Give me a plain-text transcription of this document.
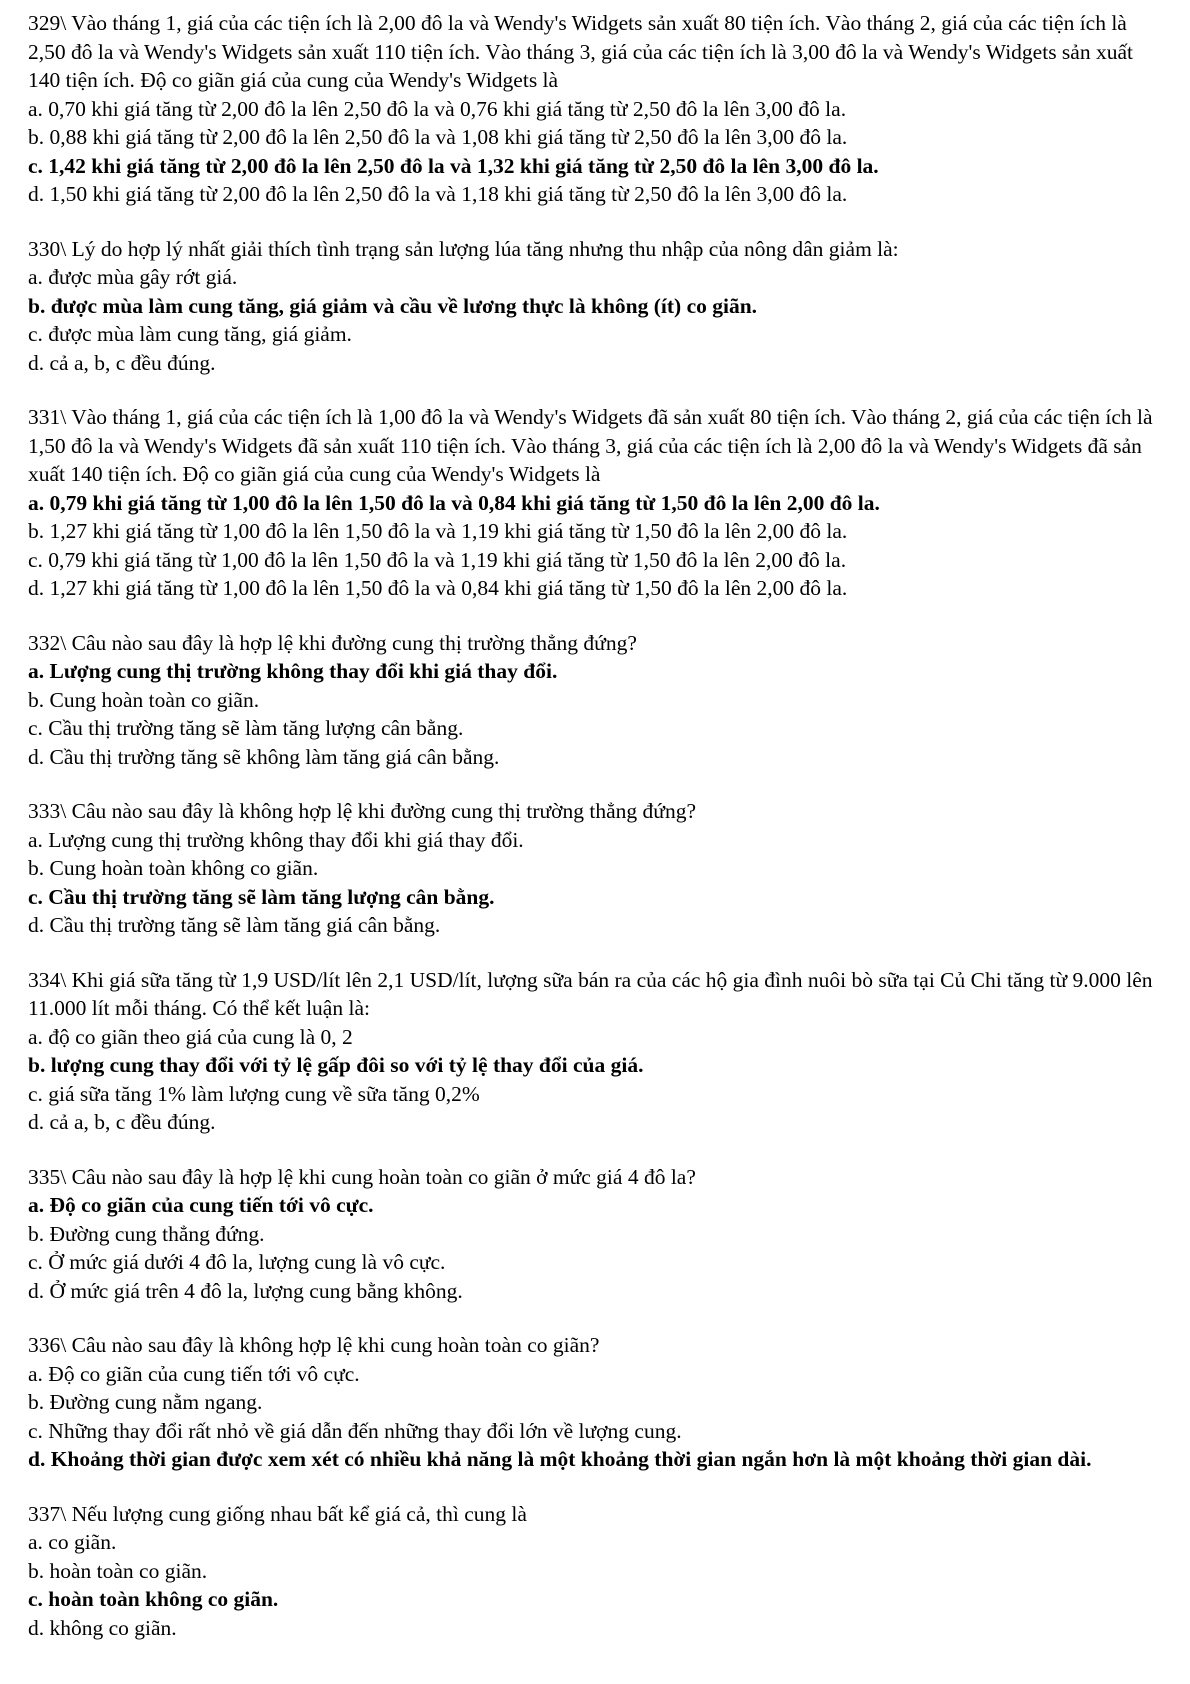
329\ Vào tháng 1, giá của các tiện ích là 2,00 đô la và Wendy's Widgets sản xuất 80 tiện ích. Vào tháng 2, giá của các tiện ích là 2,50 đô la và Wendy's Widgets sản xuất 110 tiện ích. Vào tháng 3, giá của các tiện ích là 3,00 đô la và Wendy's Widgets sản xuất 140 tiện ích. Độ co giãn giá của cung của Wendy's Widgets là

a. 0,70 khi giá tăng từ 2,00 đô la lên 2,50 đô la và 0,76 khi giá tăng từ 2,50 đô la lên 3,00 đô la.

b. 0,88 khi giá tăng từ 2,00 đô la lên 2,50 đô la và 1,08 khi giá tăng từ 2,50 đô la lên 3,00 đô la.

c. 1,42 khi giá tăng từ 2,00 đô la lên 2,50 đô la và 1,32 khi giá tăng từ 2,50 đô la lên 3,00 đô la.

d. 1,50 khi giá tăng từ 2,00 đô la lên 2,50 đô la và 1,18 khi giá tăng từ 2,50 đô la lên 3,00 đô la.

330\ Lý do hợp lý nhất giải thích tình trạng sản lượng lúa tăng nhưng thu nhập của nông dân giảm là:

a. được mùa gây rớt giá.

b. được mùa làm cung tăng, giá giảm và cầu về lương thực là không (ít) co giãn.

c. được mùa làm cung tăng, giá giảm.

d. cả a, b, c đều đúng.

331\ Vào tháng 1, giá của các tiện ích là 1,00 đô la và Wendy's Widgets đã sản xuất 80 tiện ích. Vào tháng 2, giá của các tiện ích là 1,50 đô la và Wendy's Widgets đã sản xuất 110 tiện ích. Vào tháng 3, giá của các tiện ích là 2,00 đô la và Wendy's Widgets đã sản xuất 140 tiện ích. Độ co giãn giá của cung của Wendy's Widgets là

a. 0,79 khi giá tăng từ 1,00 đô la lên 1,50 đô la và 0,84 khi giá tăng từ 1,50 đô la lên 2,00 đô la.

b. 1,27 khi giá tăng từ 1,00 đô la lên 1,50 đô la và 1,19 khi giá tăng từ 1,50 đô la lên 2,00 đô la.

c. 0,79 khi giá tăng từ 1,00 đô la lên 1,50 đô la và 1,19 khi giá tăng từ 1,50 đô la lên 2,00 đô la.

d. 1,27 khi giá tăng từ 1,00 đô la lên 1,50 đô la và 0,84 khi giá tăng từ 1,50 đô la lên 2,00 đô la.

332\ Câu nào sau đây là hợp lệ khi đường cung thị trường thẳng đứng?

a. Lượng cung thị trường không thay đổi khi giá thay đổi.

b. Cung hoàn toàn co giãn.

c. Cầu thị trường tăng sẽ làm tăng lượng cân bằng.

d. Cầu thị trường tăng sẽ không làm tăng giá cân bằng.

333\ Câu nào sau đây là không hợp lệ khi đường cung thị trường thẳng đứng?

a. Lượng cung thị trường không thay đổi khi giá thay đổi.

b. Cung hoàn toàn không co giãn.

c. Cầu thị trường tăng sẽ làm tăng lượng cân bằng.

d. Cầu thị trường tăng sẽ làm tăng giá cân bằng.

334\ Khi giá sữa tăng từ 1,9 USD/lít lên 2,1 USD/lít, lượng sữa bán ra của các hộ gia đình nuôi bò sữa tại Củ Chi tăng từ 9.000 lên 11.000 lít mỗi tháng. Có thể kết luận là:

a. độ co giãn theo giá của cung là 0, 2

b. lượng cung thay đổi với tỷ lệ gấp đôi so với tỷ lệ thay đổi của giá.

c. giá sữa tăng 1% làm lượng cung về sữa tăng 0,2%

d. cả a, b, c đều đúng.

335\ Câu nào sau đây là hợp lệ khi cung hoàn toàn co giãn ở mức giá 4 đô la?

a. Độ co giãn của cung tiến tới vô cực.

b. Đường cung thẳng đứng.

c. Ở mức giá dưới 4 đô la, lượng cung là vô cực.

d. Ở mức giá trên 4 đô la, lượng cung bằng không.

336\ Câu nào sau đây là không hợp lệ khi cung hoàn toàn co giãn?

a. Độ co giãn của cung tiến tới vô cực.

b. Đường cung nằm ngang.

c. Những thay đổi rất nhỏ về giá dẫn đến những thay đổi lớn về lượng cung.

d. Khoảng thời gian được xem xét có nhiều khả năng là một khoảng thời gian ngắn hơn là một khoảng thời gian dài.

337\ Nếu lượng cung giống nhau bất kể giá cả, thì cung là

a. co giãn.

b. hoàn toàn co giãn.

c. hoàn toàn không co giãn.

d. không co giãn.
